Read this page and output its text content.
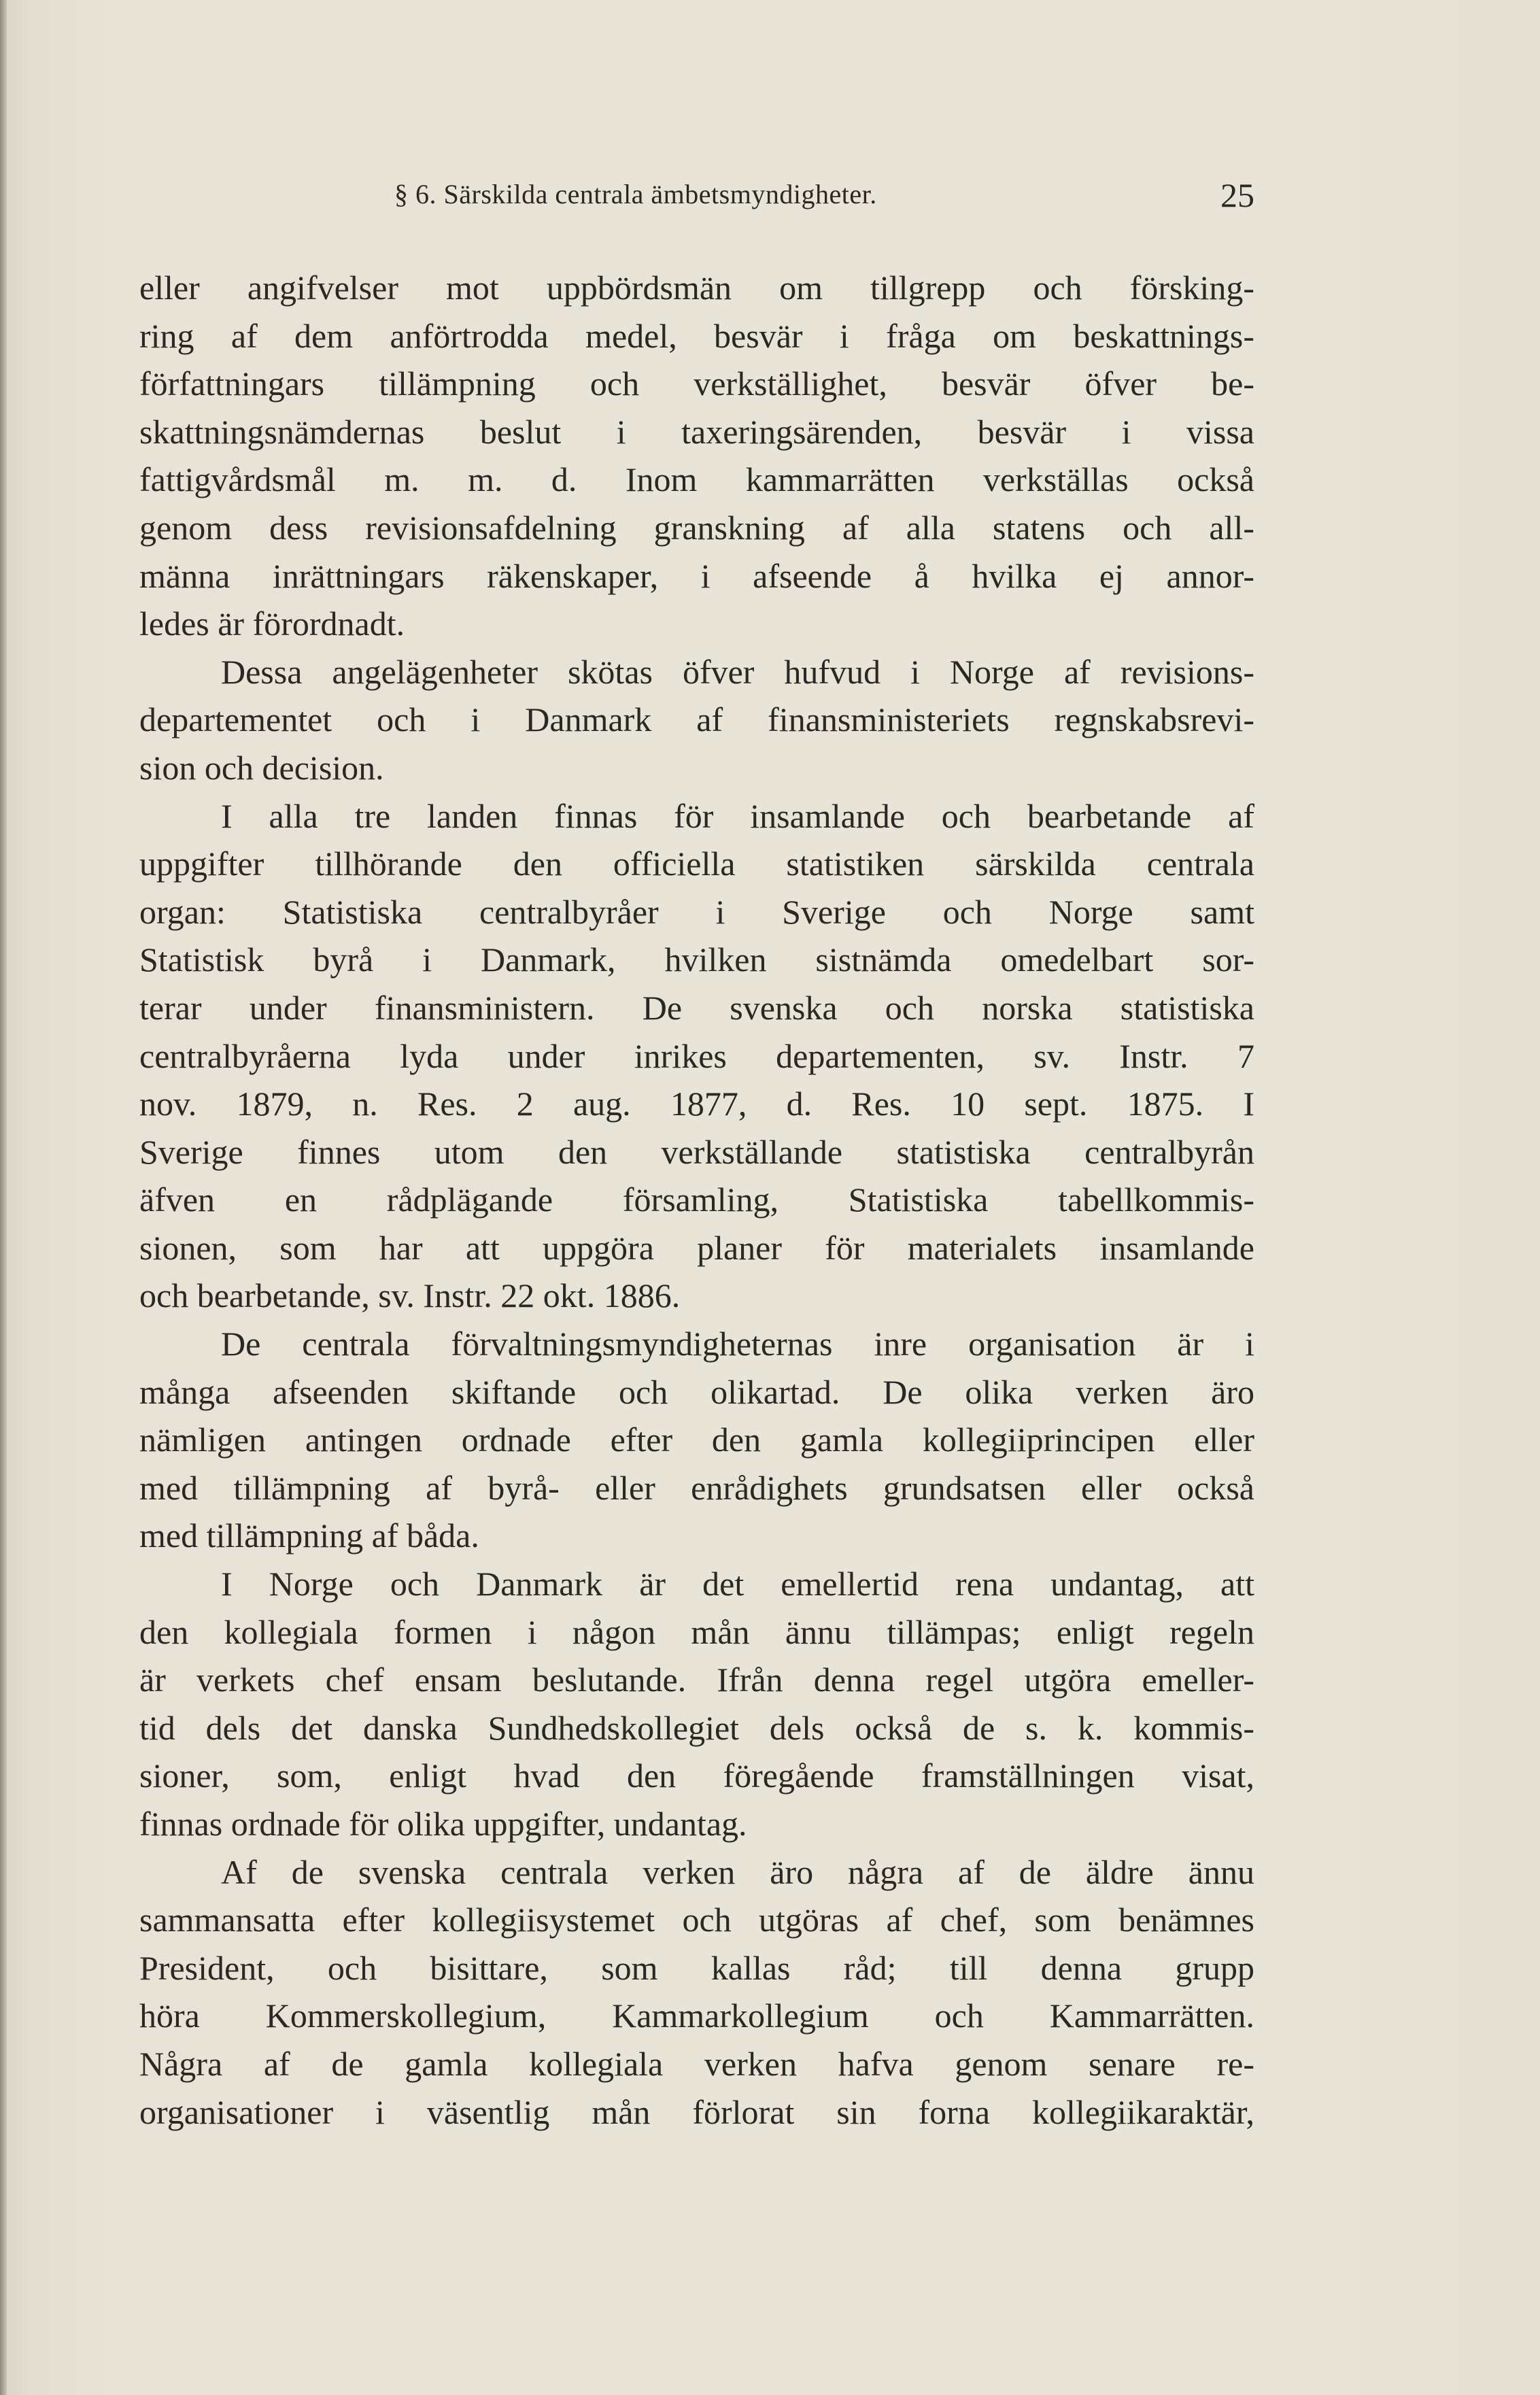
§ 6. Särskilda centrala ämbetsmyndigheter.	25
eller angifvelser mot uppbördsmän om tillgrepp och försking-
ring af dem anförtrodda medel, besvär i fråga om beskattnings-
författningars tillämpning och verkställighet, besvär öfver be-
skattningsnämdernas beslut i taxeringsärenden, besvär i vissa
fattigvårdsmål m. m. d. Inom kammarrätten verkställas också
genom dess revisionsafdelning granskning af alla statens och all-
männa inrättningars räkenskaper, i afseende å hvilka ej annor-
ledes är förordnadt.
Dessa angelägenheter skötas öfver hufvud i Norge af revisions-
departementet och i Danmark af finansministeriets regnskabsrevi-
sion och decision.
I alla tre landen finnas för insamlande och bearbetande af
uppgifter tillhörande den officiella statistiken särskilda centrala
organ: Statistiska centralbyråer i Sverige och Norge samt
Statistisk byrå i Danmark, hvilken sistnämda omedelbart sor-
terar under finansministern. De svenska och norska statistiska
centralbyråerna lyda under inrikes departementen, sv. Instr. 7
nov. 1879, n. Res. 2 aug. 1877, d. Res. 10 sept. 1875. I
Sverige finnes utom den verkställande statistiska centralbyrån
äfven en rådplägande församling, Statistiska tabellkommis-
sionen, som har att uppgöra planer för materialets insamlande
och bearbetande, sv. Instr. 22 okt. 1886.
De centrala förvaltningsmyndigheternas inre organisation är i
många afseenden skiftande och olikartad. De olika verken äro
nämligen antingen ordnade efter den gamla kollegiiprincipen eller
med tillämpning af byrå- eller enrådighets grundsatsen eller också
med tillämpning af båda.
I Norge och Danmark är det emellertid rena undantag, att
den kollegiala formen i någon mån ännu tillämpas; enligt regeln
är verkets chef ensam beslutande. Ifrån denna regel utgöra emeller-
tid dels det danska Sundhedskollegiet dels också de s. k. kommis-
sioner, som, enligt hvad den föregående framställningen visat,
finnas ordnade för olika uppgifter, undantag.
Af de svenska centrala verken äro några af de äldre ännu
sammansatta efter kollegiisystemet och utgöras af chef, som benämnes
President, och bisittare, som kallas råd; till denna grupp
höra Kommerskollegium, Kammarkollegium och Kammarrätten.
Några af de gamla kollegiala verken hafva genom senare re-
organisationer i väsentlig mån förlorat sin forna kollegiikaraktär,
